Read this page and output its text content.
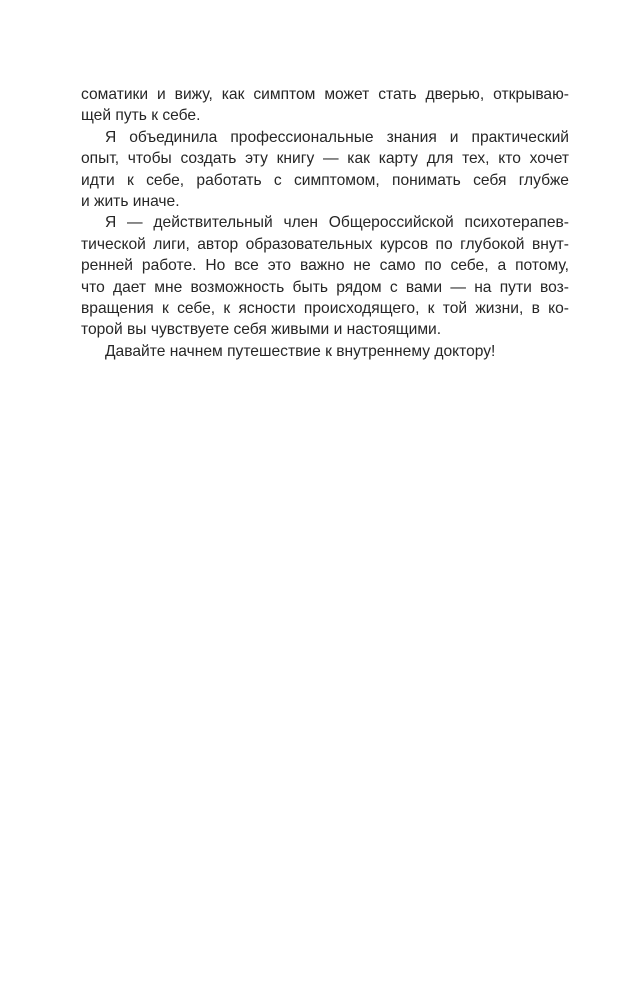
соматики и вижу, как симптом может стать дверью, открываю-
щей путь к себе.
Я объединила профессиональные знания и практический
опыт, чтобы создать эту книгу — как карту для тех, кто хочет
идти к себе, работать с симптомом, понимать себя глубже
и жить иначе.
Я — действительный член Общероссийской психотерапев-
тической лиги, автор образовательных курсов по глубокой внут-
ренней работе. Но все это важно не само по себе, а потому,
что дает мне возможность быть рядом с вами — на пути воз-
вращения к себе, к ясности происходящего, к той жизни, в ко-
торой вы чувствуете себя живыми и настоящими.
Давайте начнем путешествие к внутреннему доктору!
